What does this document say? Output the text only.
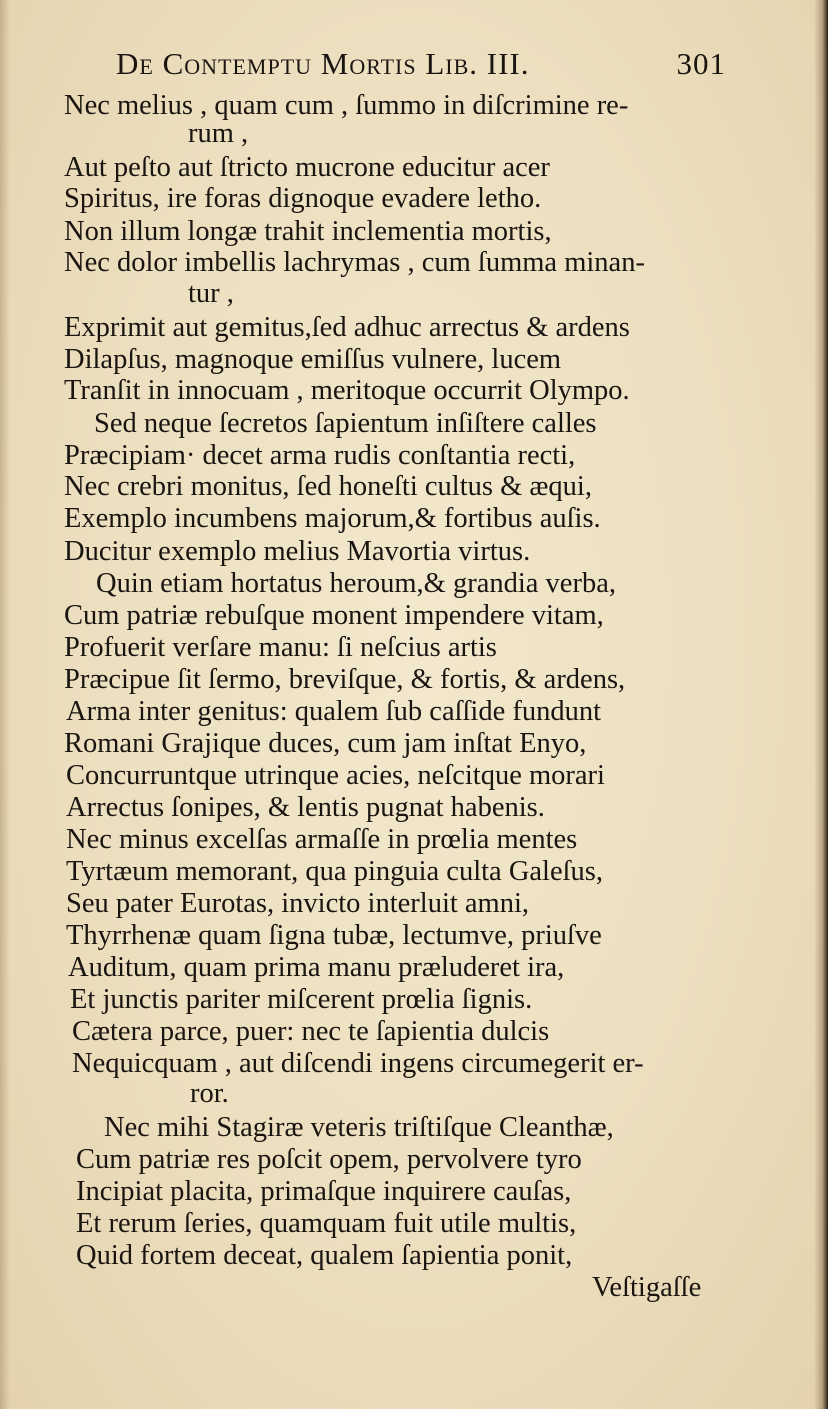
De Contemptu Mortis Lib. III.	301
Nec melius , quam cum , ſummo in diſcrimine re-
rum ,
Aut peſto aut ſtricto mucrone educitur acer
Spiritus, ire foras dignoque evadere letho.
Non illum longæ trahit inclementia mortis,
Nec dolor imbellis lachrymas , cum ſumma minan-
tur ,
Exprimit aut gemitus,ſed adhuc arrectus & ardens
Dilapſus, magnoque emiſſus vulnere, lucem
Tranſit in innocuam , meritoque occurrit Olympo.
Sed neque ſecretos ſapientum inſiſtere calles
Præcipiam· decet arma rudis conſtantia recti,
Nec crebri monitus, ſed honeſti cultus & æqui,
Exemplo incumbens majorum,& fortibus auſis.
Ducitur exemplo melius Mavortia virtus.
Quin etiam hortatus heroum,& grandia verba,
Cum patriæ rebuſque monent impendere vitam,
Profuerit verſare manu: ſi neſcius artis
Præcipue ſit ſermo, breviſque, & fortis, & ardens,
Arma inter genitus: qualem ſub caſſide fundunt
Romani Grajique duces, cum jam inſtat Enyo,
Concurruntque utrinque acies, neſcitque morari
Arrectus ſonipes, & lentis pugnat habenis.
Nec minus excelſas armaſſe in prœlia mentes
Tyrtæum memorant, qua pinguia culta Galeſus,
Seu pater Eurotas, invicto interluit amni,
Thyrrhenæ quam ſigna tubæ, lectumve, priuſve
Auditum, quam prima manu præluderet ira,
Et junctis pariter miſcerent prœlia ſignis.
Cætera parce, puer: nec te ſapientia dulcis
Nequicquam , aut diſcendi ingens circumegerit er-
ror.
Nec mihi Stagiræ veteris triſtiſque Cleanthæ,
Cum patriæ res poſcit opem, pervolvere tyro
Incipiat placita, primaſque inquirere cauſas,
Et rerum ſeries, quamquam fuit utile multis,
Quid fortem deceat, qualem ſapientia ponit,
Veſtigaſſe
